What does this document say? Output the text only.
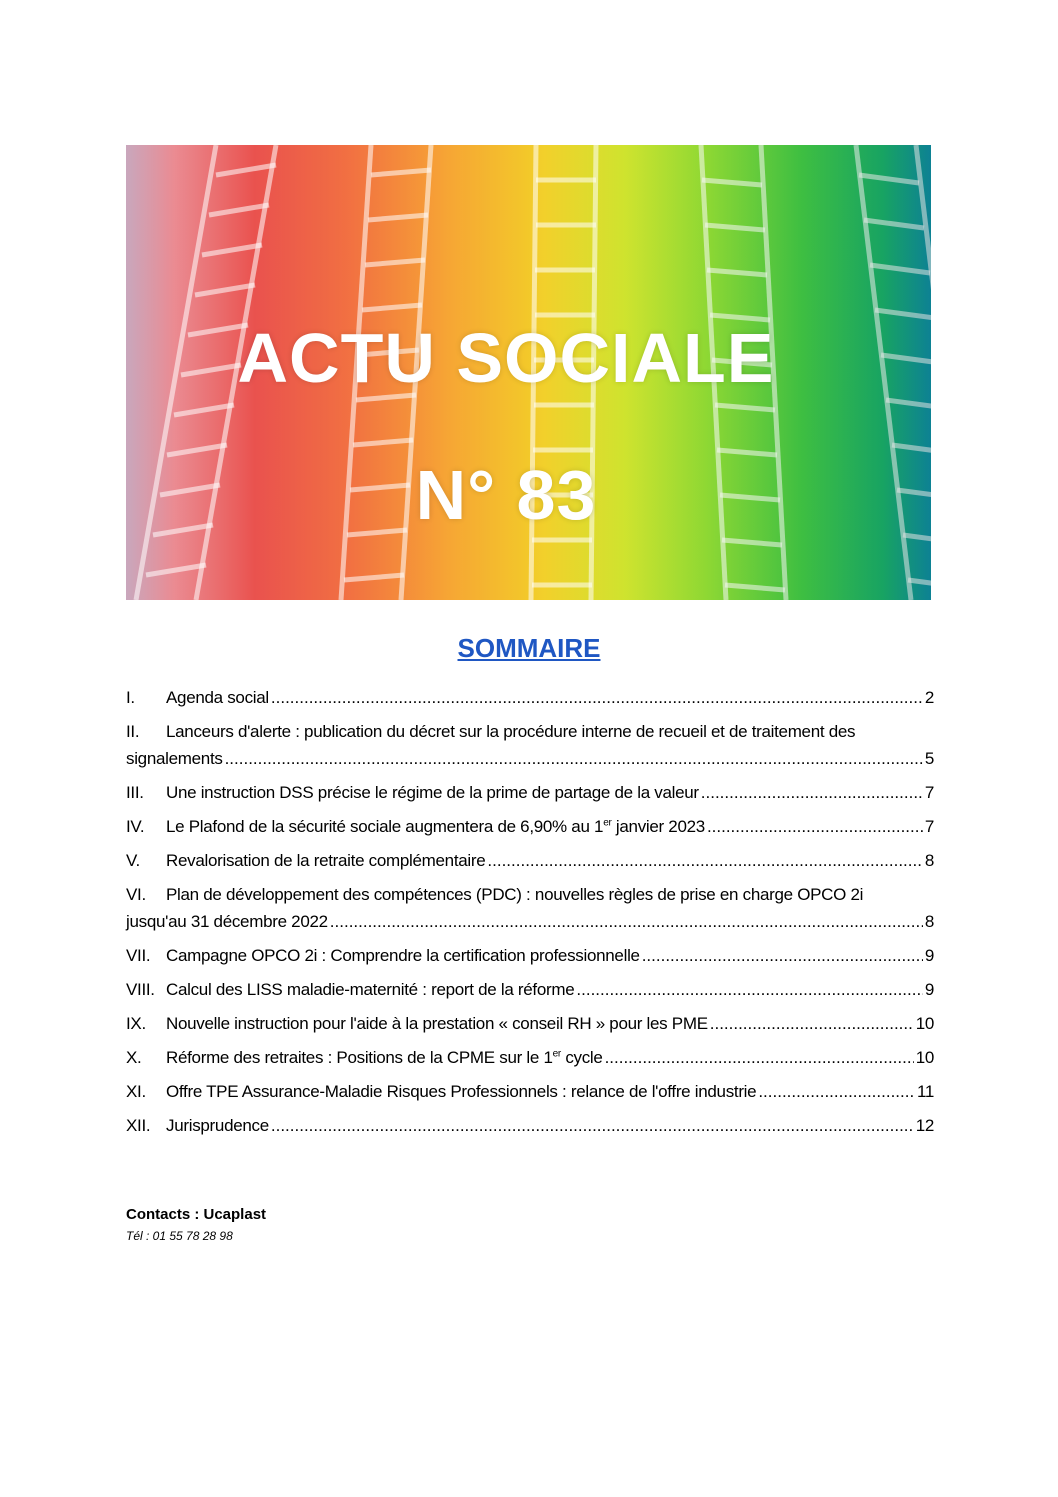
ACTU SOCIALE
N° 83
SOMMAIRE
I.	Agenda social .....	2
II. Lanceurs d'alerte : publication du décret sur la procédure interne de recueil et de traitement des
signalements .....	5
III.	Une instruction DSS précise le régime de la prime de partage de la valeur .....	7
IV.	Le Plafond de la sécurité sociale augmentera de 6,90% au 1er janvier 2023 .....	7
V.	Revalorisation de la retraite complémentaire .....	8
VI. Plan de développement des compétences (PDC) : nouvelles règles de prise en charge OPCO 2i
jusqu'au 31 décembre 2022 .....	8
VII. Campagne OPCO 2i : Comprendre la certification professionnelle .....	9
VIII. Calcul des LISS maladie-maternité : report de la réforme .....	9
IX.	Nouvelle instruction pour l'aide à la prestation « conseil RH » pour les PME .....	10
X.	Réforme des retraites : Positions de la CPME sur le 1er cycle .....	10
XI.	Offre TPE Assurance-Maladie Risques Professionnels : relance de l'offre industrie .....	11
XII. Jurisprudence .....	12
Contacts : Ucaplast
Tél : 01 55 78 28 98
